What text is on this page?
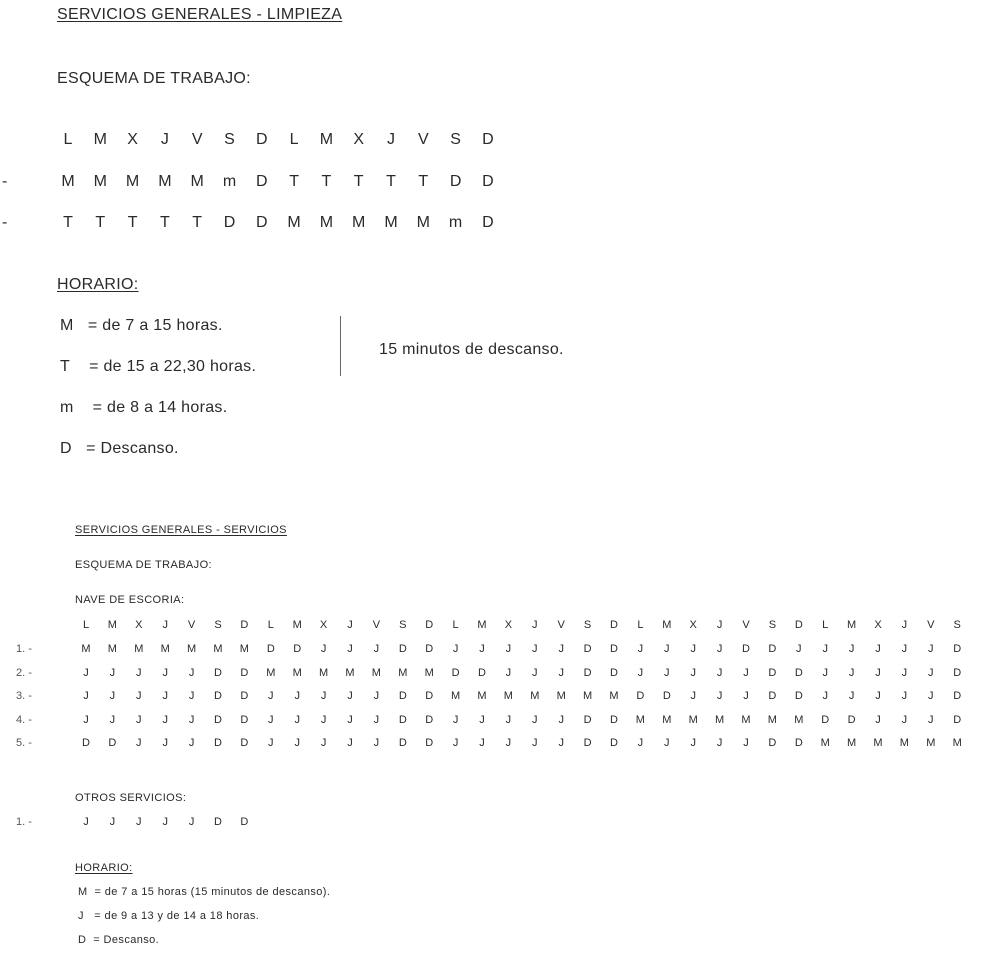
SERVICIOS GENERALES - LIMPIEZA
ESQUEMA DE TRABAJO:
L	M	X	J	V	S	D	L	M	X	J	V	S	D
-	M	M	M	M	M	m	D	T	T	T	T	T	D	D
-	T	T	T	T	T	D	D	M	M	M	M	M	m	D
HORARIO:
M = de 7 a 15 horas.
T = de 15 a 22,30 horas.
m = de 8 a 14 horas.
D = Descanso.
15 minutos de descanso.
SERVICIOS GENERALES - SERVICIOS
ESQUEMA DE TRABAJO:
NAVE DE ESCORIA:
L	M	X	J	V	S	D	L	M	X	J	V	S	D	L	M	X	J	V	S	D	L	M	X	J	V	S	D	L	M	X	J	V	S
1. -	M	M	M	M	M	M	M	D	D	J	J	J	D	D	J	J	J	J	J	D	D	J	J	J	J	D	D	J	J	J	J	J	J	D
2. -	J	J	J	J	J	D	D	M	M	M	M	M	M	M	D	D	J	J	J	D	D	J	J	J	J	J	D	D	J	J	J	J	J	D
3. -	J	J	J	J	J	D	D	J	J	J	J	J	D	D	M	M	M	M	M	M	M	D	D	J	J	J	D	D	J	J	J	J	J	D
4. -	J	J	J	J	J	D	D	J	J	J	J	J	D	D	J	J	J	J	J	D	D	M	M	M	M	M	M	M	D	D	J	J	J	D
5. -	D	D	J	J	J	D	D	J	J	J	J	J	D	D	J	J	J	J	J	D	D	J	J	J	J	J	D	D	M	M	M	M	M	M
OTROS SERVICIOS:
1. -	J	J	J	J	J	D	D
HORARIO:
M = de 7 a 15 horas (15 minutos de descanso).
J = de 9 a 13 y de 14 a 18 horas.
D = Descanso.
